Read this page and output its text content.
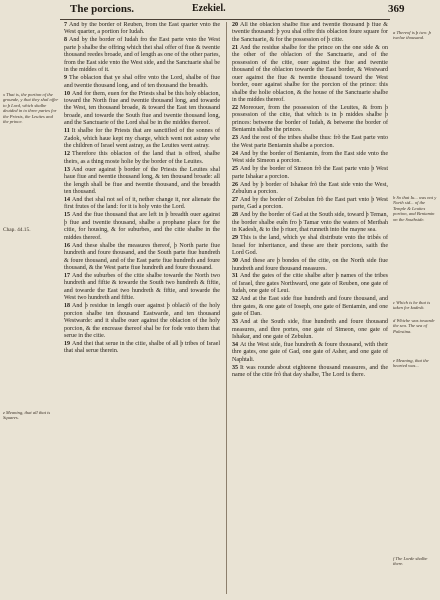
The porcions.	Ezekiel.	369
x That is, the portion of the grounde, y that they shal offer to þ Lord, which shalbe deuided in to three partes for the Priests, the Leuites and the prince.
Chap. 44.15.
z Meaning, that all that is Squares.
a Thereof is þ two: þ twelue thousand.
b So that Iu... was not y North sid... of the Temple & Leuites portion, and Beniamin on the Southside.
c Which is he that is taken for kadesh.
d Whiche was towarde the sea. The sea of Palestina.
e Meaning, that the hearted was...
f The Lorde shalbe there.

7 And by the border of Reuben, from the East quarter vnto the West quarter, a portion for Iudah.

8 And by the border of Iudah fro the East parte vnto the West parte þ shalbe the offring which thei shal offer of fiue & twentie thousand reedes broade, and of length as one of the other partes, from the East side vnto the West side, and the Sanctuarie shal be in the middes of it.

9 The oblacion that ye shal offre vnto the Lord, shalbe of fiue and twentie thousand long, and of ten thousand the breadth.

10 And for them, euen for the Priests shal be this holy oblacion, toward the North fiue and twentie thousand long, and towarde the West, ten thousand broade, & toward the East ten thousand broade, and towarde the South fiue and twentie thousand long, and the Sanctuarie of the Lord shal be in the middes thereof.

11 It shalbe for the Priests that are sanctified of the sonnes of Zadok, which haue kept my charge, which went not astray whe the children of Israel went astray, as the Leuites went astray.

12 Therefore this oblacion of the land that is offred, shalbe theirs, as a thing moste holie by the border of the Leuites.

13 And ouer against þ border of the Priests the Leuites shal haue fiue and twentie thousand long, & ten thousand broade: all the length shall be fiue and twentie thousand, and the breadth ten thousand.

14 And thei shal not sel of it, nether change it, nor alienate the first frutes of the land: for it is holy vnto the Lord.

15 And the fiue thousand that are left in þ breadth ouer against þ fiue and twentie thousand, shalbe a prophane place for the citie, for housing, & for suburbes, and the citie shalbe in the middes thereof.

16 And these shalbe the measures thereof, þ North parte fiue hundreth and foure thousand, and the South parte fiue hundreth & foure thousand, and of the East parte fiue hundreth and foure thousand, & the West parte fiue hundreth and foure thousand.

17 And the suburbes of the citie shalbe towarde the North two hundreth and fiftie & towarde the South two hundreth & fiftie, and towarde the East two hundreth & fiftie, and towarde the West two hundreth and fiftie.

18 And þ residue in length ouer against þ oblaciõ of the holy porcion shalbe ten thousand Eastwarde, and ten thousand Westwarde: and it shalbe ouer against the oblacion of the holy porcion, & the encrease thereof shal be for fode vnto them that serue in the citie.

19 And thei that serue in the citie, shalbe of all þ tribes of Israel that shal serue therein.

20 All the oblacion shalbe fiue and twentie thousand þ fiue & twentie thousand: þ you shal offre this oblacion foure square for the Sanctuarie, & for the possession of þ citie.

21 And the residue shalbe for the prince on the one side & on the other of the oblacion of the Sanctuarie, and of the possession of the citie, ouer against the fiue and twentie thousand of the oblacion towarde the East border, & Westward ouer against the fiue & twentie thousand toward the West border, ouer against shalbe for the porcion of the prince: this shalbe the holie oblacion, & the house of the Sanctuarie shalbe in the middes thereof.

22 Moreouer, from the possession of the Leuites, & from þ possession of the citie, that which is in þ middes shalbe þ princes: betwene the border of Iudah, & betwene the border of Beniamin shalbe the princes.

23 And the rest of the tribes shalbe thus: frõ the East parte vnto the West parte Beniamin shalbe a porcion.

24 And by the border of Beniamin, from the East side vnto the West side Simeon a porcion.

25 And by the border of Simeon frõ the East parte vnto þ West parte Ishakar a porcion.

26 And by þ border of Ishakar frõ the East side vnto the West, Zebulun a porcion.

27 And by the border of Zebulun frõ the East part vnto þ West parte, Gad a porcion.

28 And by the border of Gad at the South side, toward þ Teman, the border shalbe euên fro þ Tamar vnto the waters of Meribah in Kadesh, & to the þ riuer, that runneth into the mayne sea.

29 This is the land, which ye shal distribute vnto the tribés of Israel for inheritance, and these are their porcions, saith the Lord God.

30 And these are þ bondes of the citie, on the North side fiue hundreth and foure thousand measures.

31 And the gates of the citie shalbe after þ names of the tribes of Israel, thre gates Northward, one gate of Reuben, one gate of Iudah, one gate of Leui.

32 And at the East side fiue hundreth and foure thousand, and thre gates, & one gate of Ioseph, one gate of Beniamin, and one gate of Dan.

33 And at the South side, fiue hundreth and foure thousand measures, and thre portes, one gate of Simeon, one gate of Ishakar, and one gate of Zebulun.

34 At the West side, fiue hundreth & foure thousand, with their thre gates, one gate of Gad, one gate of Asher, and one gate of Naphtali.

35 It was rounde about eighteene thousand measures, and the name of the citie frõ that day shalbe, The Lord is there.
